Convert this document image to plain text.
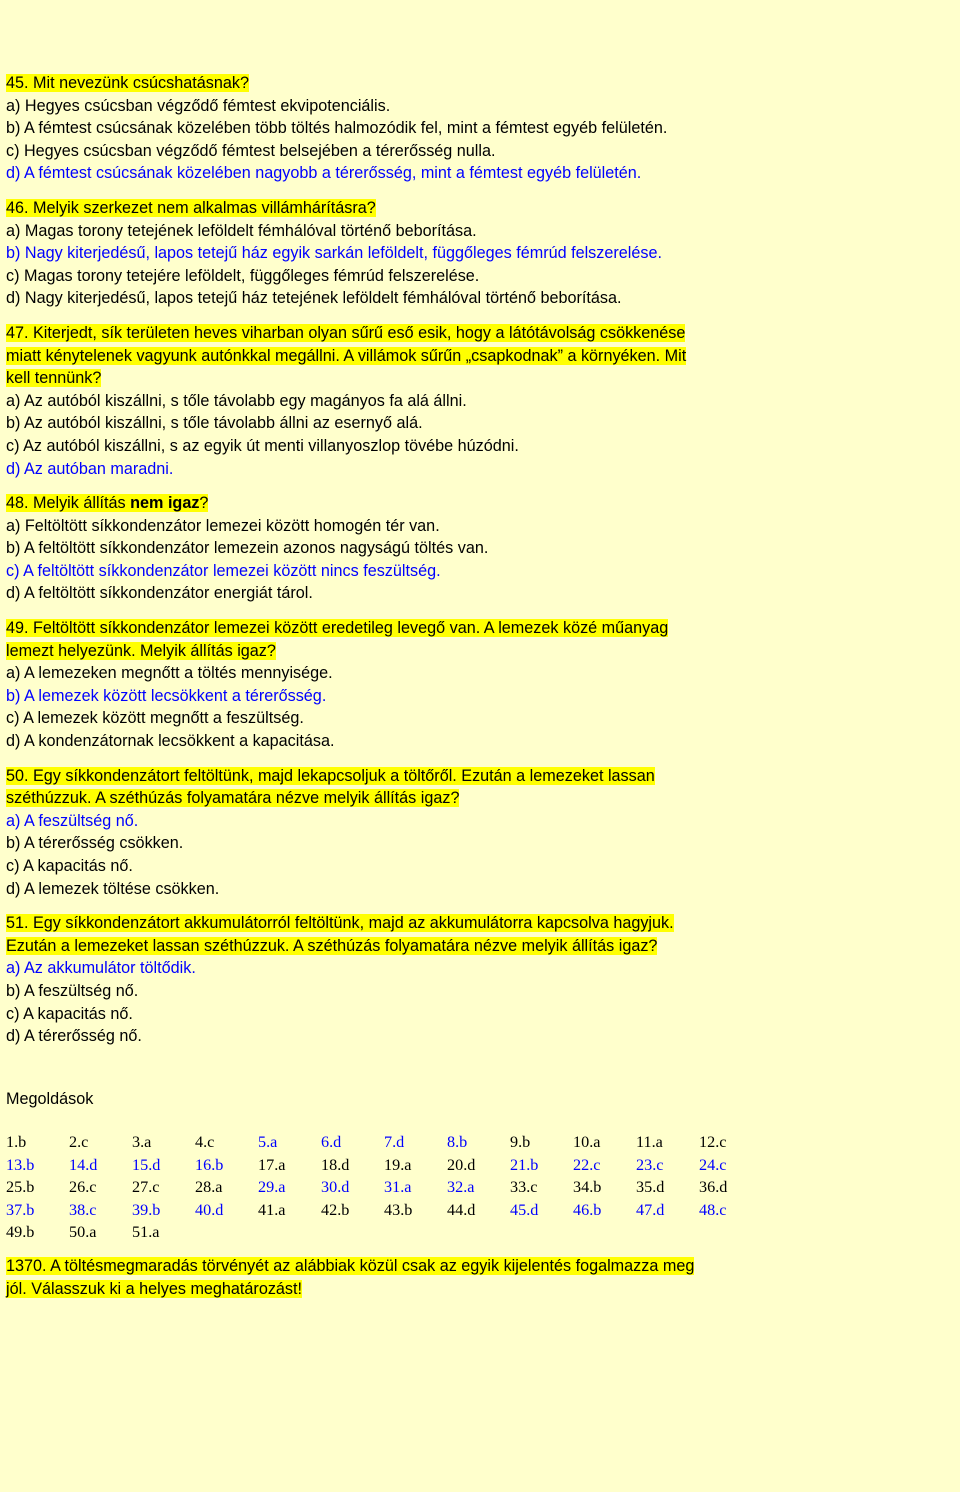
45. Mit nevezünk csúcshatásnak?
a) Hegyes csúcsban végződő fémtest ekvipotenciális.
b) A fémtest csúcsának közelében több töltés halmozódik fel, mint a fémtest egyéb felületén.
c) Hegyes csúcsban végződő fémtest belsejében a térerősség nulla.
d) A fémtest csúcsának közelében nagyobb a térerősség, mint a fémtest egyéb felületén.
46. Melyik szerkezet nem alkalmas villámhárításra?
a) Magas torony tetejének leföldelt fémhálóval történő beborítása.
b) Nagy kiterjedésű, lapos tetejű ház egyik sarkán leföldelt, függőleges fémrúd felszerelése.
c) Magas torony tetejére leföldelt, függőleges fémrúd felszerelése.
d) Nagy kiterjedésű, lapos tetejű ház tetejének leföldelt fémhálóval történő beborítása.
47. Kiterjedt, sík területen heves viharban olyan sűrű eső esik, hogy a látótávolság csökkenése
miatt kénytelenek vagyunk autónkkal megállni. A villámok sűrűn „csapkodnak” a környéken. Mit
kell tennünk?
a) Az autóból kiszállni, s tőle távolabb egy magányos fa alá állni.
b) Az autóból kiszállni, s tőle távolabb állni az esernyő alá.
c) Az autóból kiszállni, s az egyik út menti villanyoszlop tövébe húzódni.
d) Az autóban maradni.
48. Melyik állítás nem igaz?
a) Feltöltött síkkondenzátor lemezei között homogén tér van.
b) A feltöltött síkkondenzátor lemezein azonos nagyságú töltés van.
c) A feltöltött síkkondenzátor lemezei között nincs feszültség.
d) A feltöltött síkkondenzátor energiát tárol.
49. Feltöltött síkkondenzátor lemezei között eredetileg levegő van. A lemezek közé műanyag
lemezt helyezünk. Melyik állítás igaz?
a) A lemezeken megnőtt a töltés mennyisége.
b) A lemezek között lecsökkent a térerősség.
c) A lemezek között megnőtt a feszültség.
d) A kondenzátornak lecsökkent a kapacitása.
50. Egy síkkondenzátort feltöltünk, majd lekapcsoljuk a töltőről. Ezután a lemezeket lassan
széthúzzuk. A széthúzás folyamatára nézve melyik állítás igaz?
a) A feszültség nő.
b) A térerősség csökken.
c) A kapacitás nő.
d) A lemezek töltése csökken.
51. Egy síkkondenzátort akkumulátorról feltöltünk, majd az akkumulátorra kapcsolva hagyjuk.
Ezután a lemezeket lassan széthúzzuk. A széthúzás folyamatára nézve melyik állítás igaz?
a) Az akkumulátor töltődik.
b) A feszültség nő.
c) A kapacitás nő.
d) A térerősség nő.
Megoldások
1.b	2.c	3.a	4.c	5.a	6.d	7.d	8.b	9.b	10.a	11.a	12.c
13.b	14.d	15.d	16.b	17.a	18.d	19.a	20.d	21.b	22.c	23.c	24.c
25.b	26.c	27.c	28.a	29.a	30.d	31.a	32.a	33.c	34.b	35.d	36.d
37.b	38.c	39.b	40.d	41.a	42.b	43.b	44.d	45.d	46.b	47.d	48.c
49.b	50.a	51.a									
1370. A töltésmegmaradás törvényét az alábbiak közül csak az egyik kijelentés fogalmazza meg
jól. Válasszuk ki a helyes meghatározást!
